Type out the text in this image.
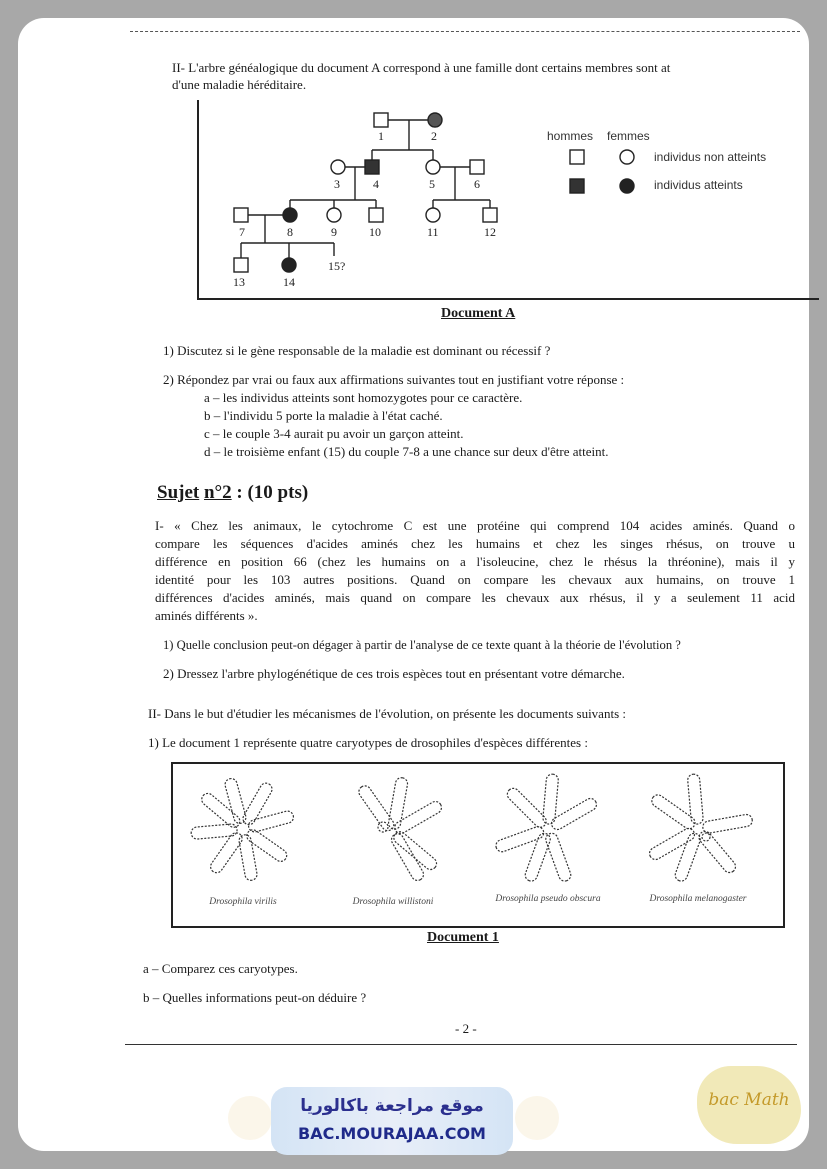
II- L'arbre généalogique du document A correspond à une famille dont certains membres sont at
d'une maladie héréditaire.
1	2
3	4	5	6
7	8	9	10	11	12
13	14
15?
hommes femmes
individus non atteints
individus atteints
Document A
1) Discutez si le gène responsable de la maladie est dominant ou récessif ?
2) Répondez par vrai ou faux aux affirmations suivantes tout en justifiant votre réponse :
a – les individus atteints sont homozygotes pour ce caractère.
b – l'individu 5 porte la maladie à l'état caché.
c – le couple 3-4 aurait pu avoir un garçon atteint.
d – le troisième enfant (15) du couple 7-8 a une chance sur deux d'être atteint.
Sujet n°2 : (10 pts)
I- « Chez les animaux, le cytochrome C est une protéine qui comprend 104 acides aminés. Quand o
compare les séquences d'acides aminés chez les humains et chez les singes rhésus, on trouve u
différence en position 66 (chez les humains on a l'isoleucine, chez le rhésus la thréonine), mais il y
identité pour les 103 autres positions. Quand on compare les chevaux aux humains, on trouve 1
différences d'acides aminés, mais quand on compare les chevaux aux rhésus, il y a seulement 11 acid
aminés différents ».
1) Quelle conclusion peut-on dégager à partir de l'analyse de ce texte quant à la théorie de l'évolution ?
2) Dressez l'arbre phylogénétique de ces trois espèces tout en présentant votre démarche.
II- Dans le but d'étudier les mécanismes de l'évolution, on présente les documents suivants :
1) Le document 1 représente quatre caryotypes de drosophiles d'espèces différentes :
Drosophila virilis	Drosophila willistoni	Drosophila pseudo obscura	Drosophila melanogaster
Document 1
a – Comparez ces caryotypes.
b – Quelles informations peut-on déduire ?
- 2 -
موقع مراجعة باكالوريا
BAC.MOURAJAA.COM
bac Math
